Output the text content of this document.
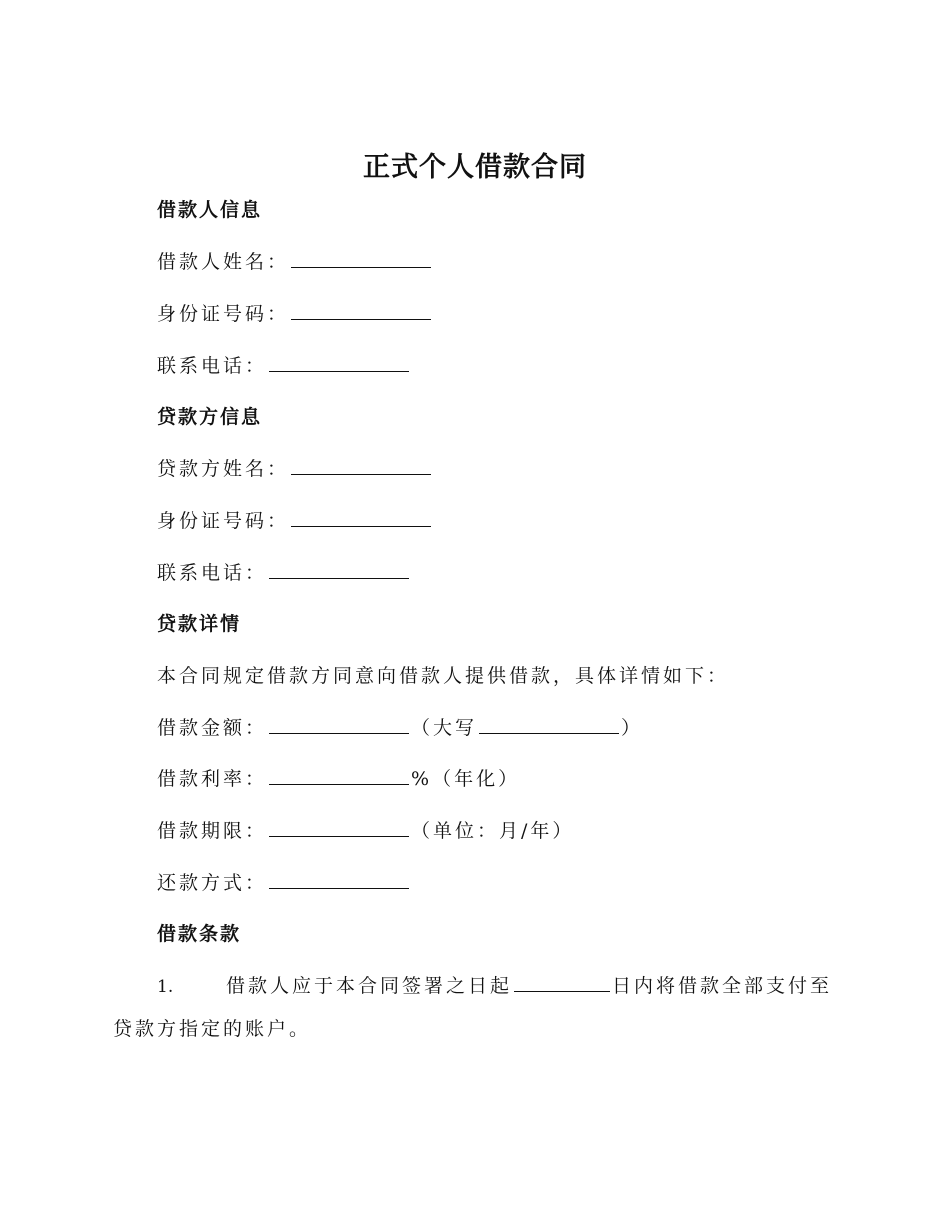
正式个人借款合同
借款人信息
借款人姓名：
身份证号码：
联系电话：
贷款方信息
贷款方姓名：
身份证号码：
联系电话：
贷款详情
本合同规定借款方同意向借款人提供借款，具体详情如下：
借款金额：	（大写	）
借款利率：	%（年化）
借款期限：	（单位：月/年）
还款方式：
借款条款
1.	借款人应于本合同签署之日起	日内将借款全部支付至
贷款方指定的账户。
